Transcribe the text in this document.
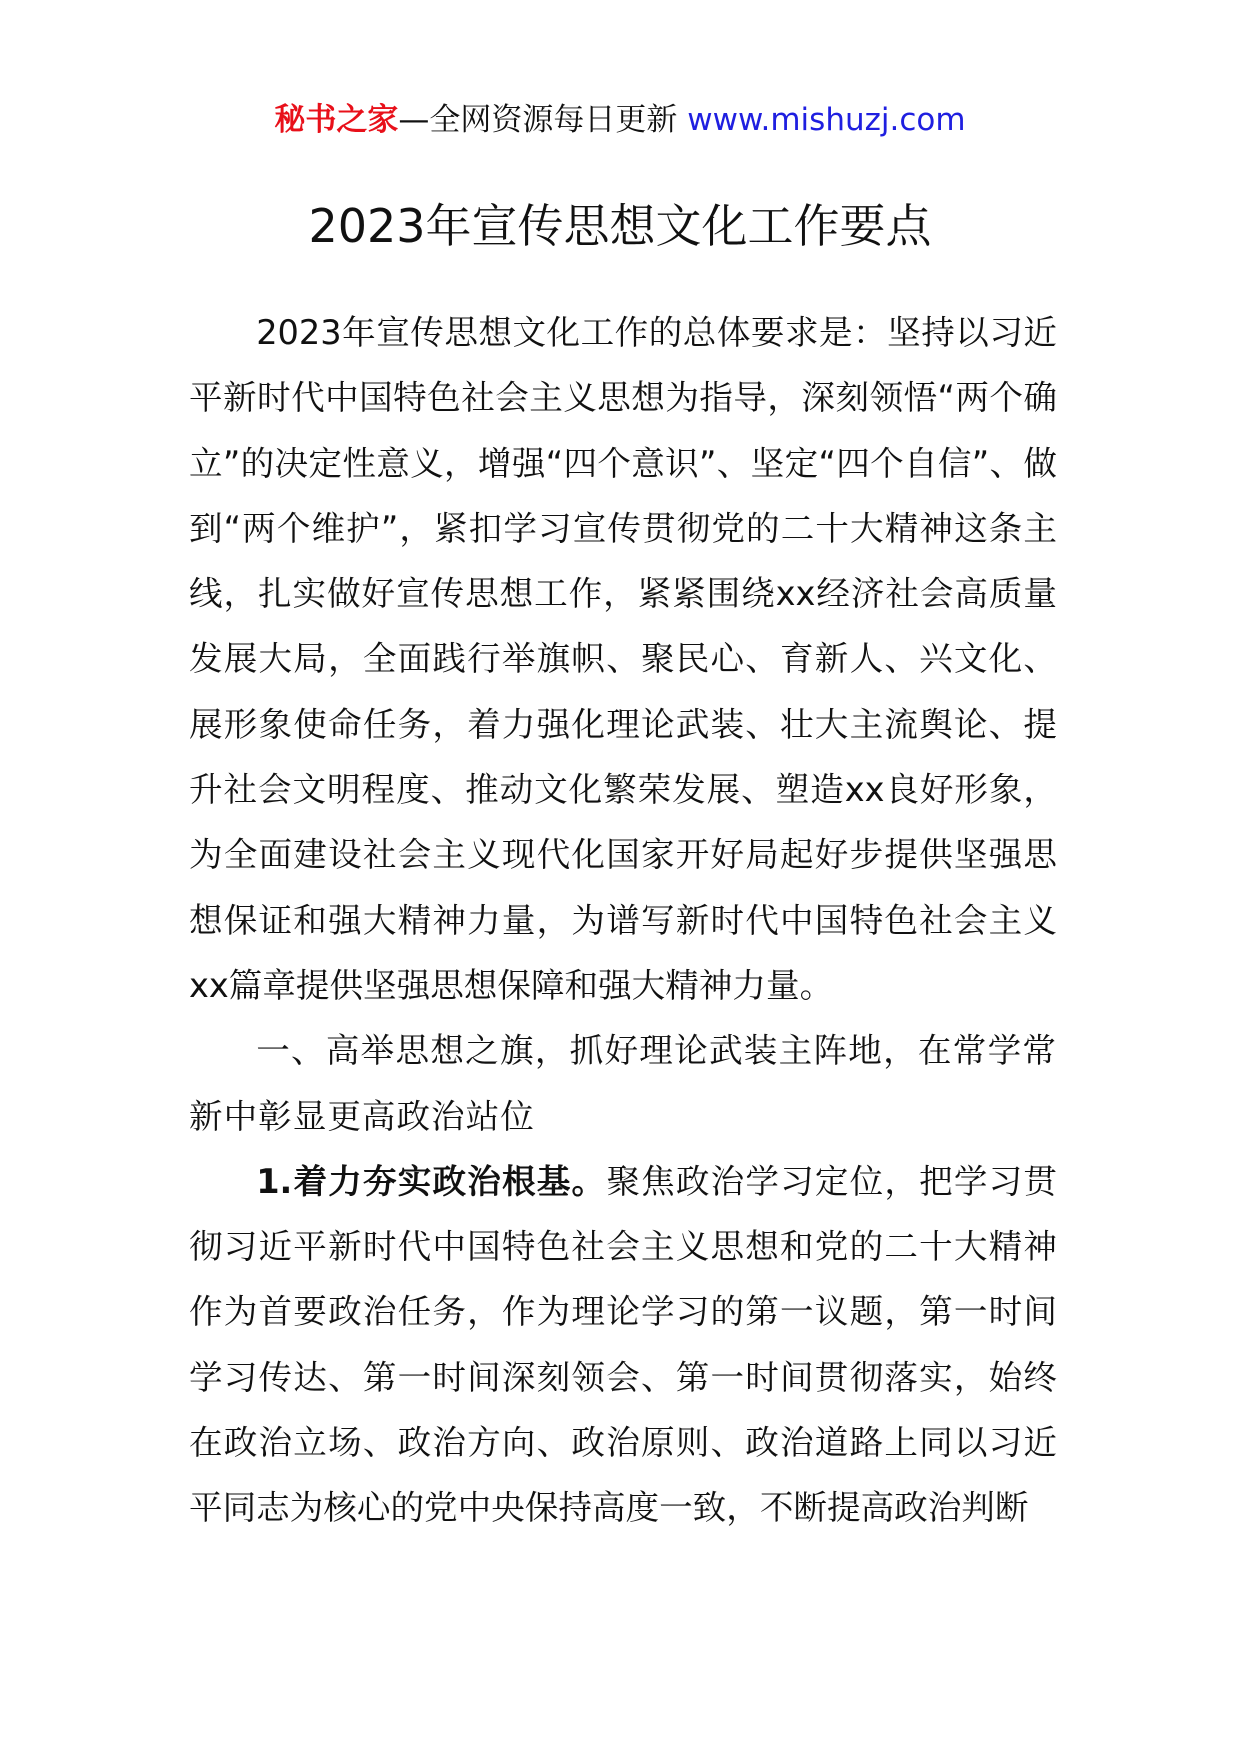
秘书之家—全网资源每日更新 www.mishuzj.com
2023年宣传思想文化工作要点

2023年宣传思想文化工作的总体要求是：坚持以习近平新时代中国特色社会主义思想为指导，深刻领悟“两个确立”的决定性意义，增强“四个意识”、坚定“四个自信”、做到“两个维护”，紧扣学习宣传贯彻党的二十大精神这条主线，扎实做好宣传思想工作，紧紧围绕xx经济社会高质量发展大局，全面践行举旗帜、聚民心、育新人、兴文化、展形象使命任务，着力强化理论武装、壮大主流舆论、提升社会文明程度、推动文化繁荣发展、塑造xx良好形象，为全面建设社会主义现代化国家开好局起好步提供坚强思想保证和强大精神力量，为谱写新时代中国特色社会主义xx篇章提供坚强思想保障和强大精神力量。

一、高举思想之旗，抓好理论武装主阵地，在常学常新中彰显更高政治站位

1.着力夯实政治根基。聚焦政治学习定位，把学习贯彻习近平新时代中国特色社会主义思想和党的二十大精神作为首要政治任务，作为理论学习的第一议题，第一时间学习传达、第一时间深刻领会、第一时间贯彻落实，始终在政治立场、政治方向、政治原则、政治道路上同以习近平同志为核心的党中央保持高度一致，不断提高政治判断
